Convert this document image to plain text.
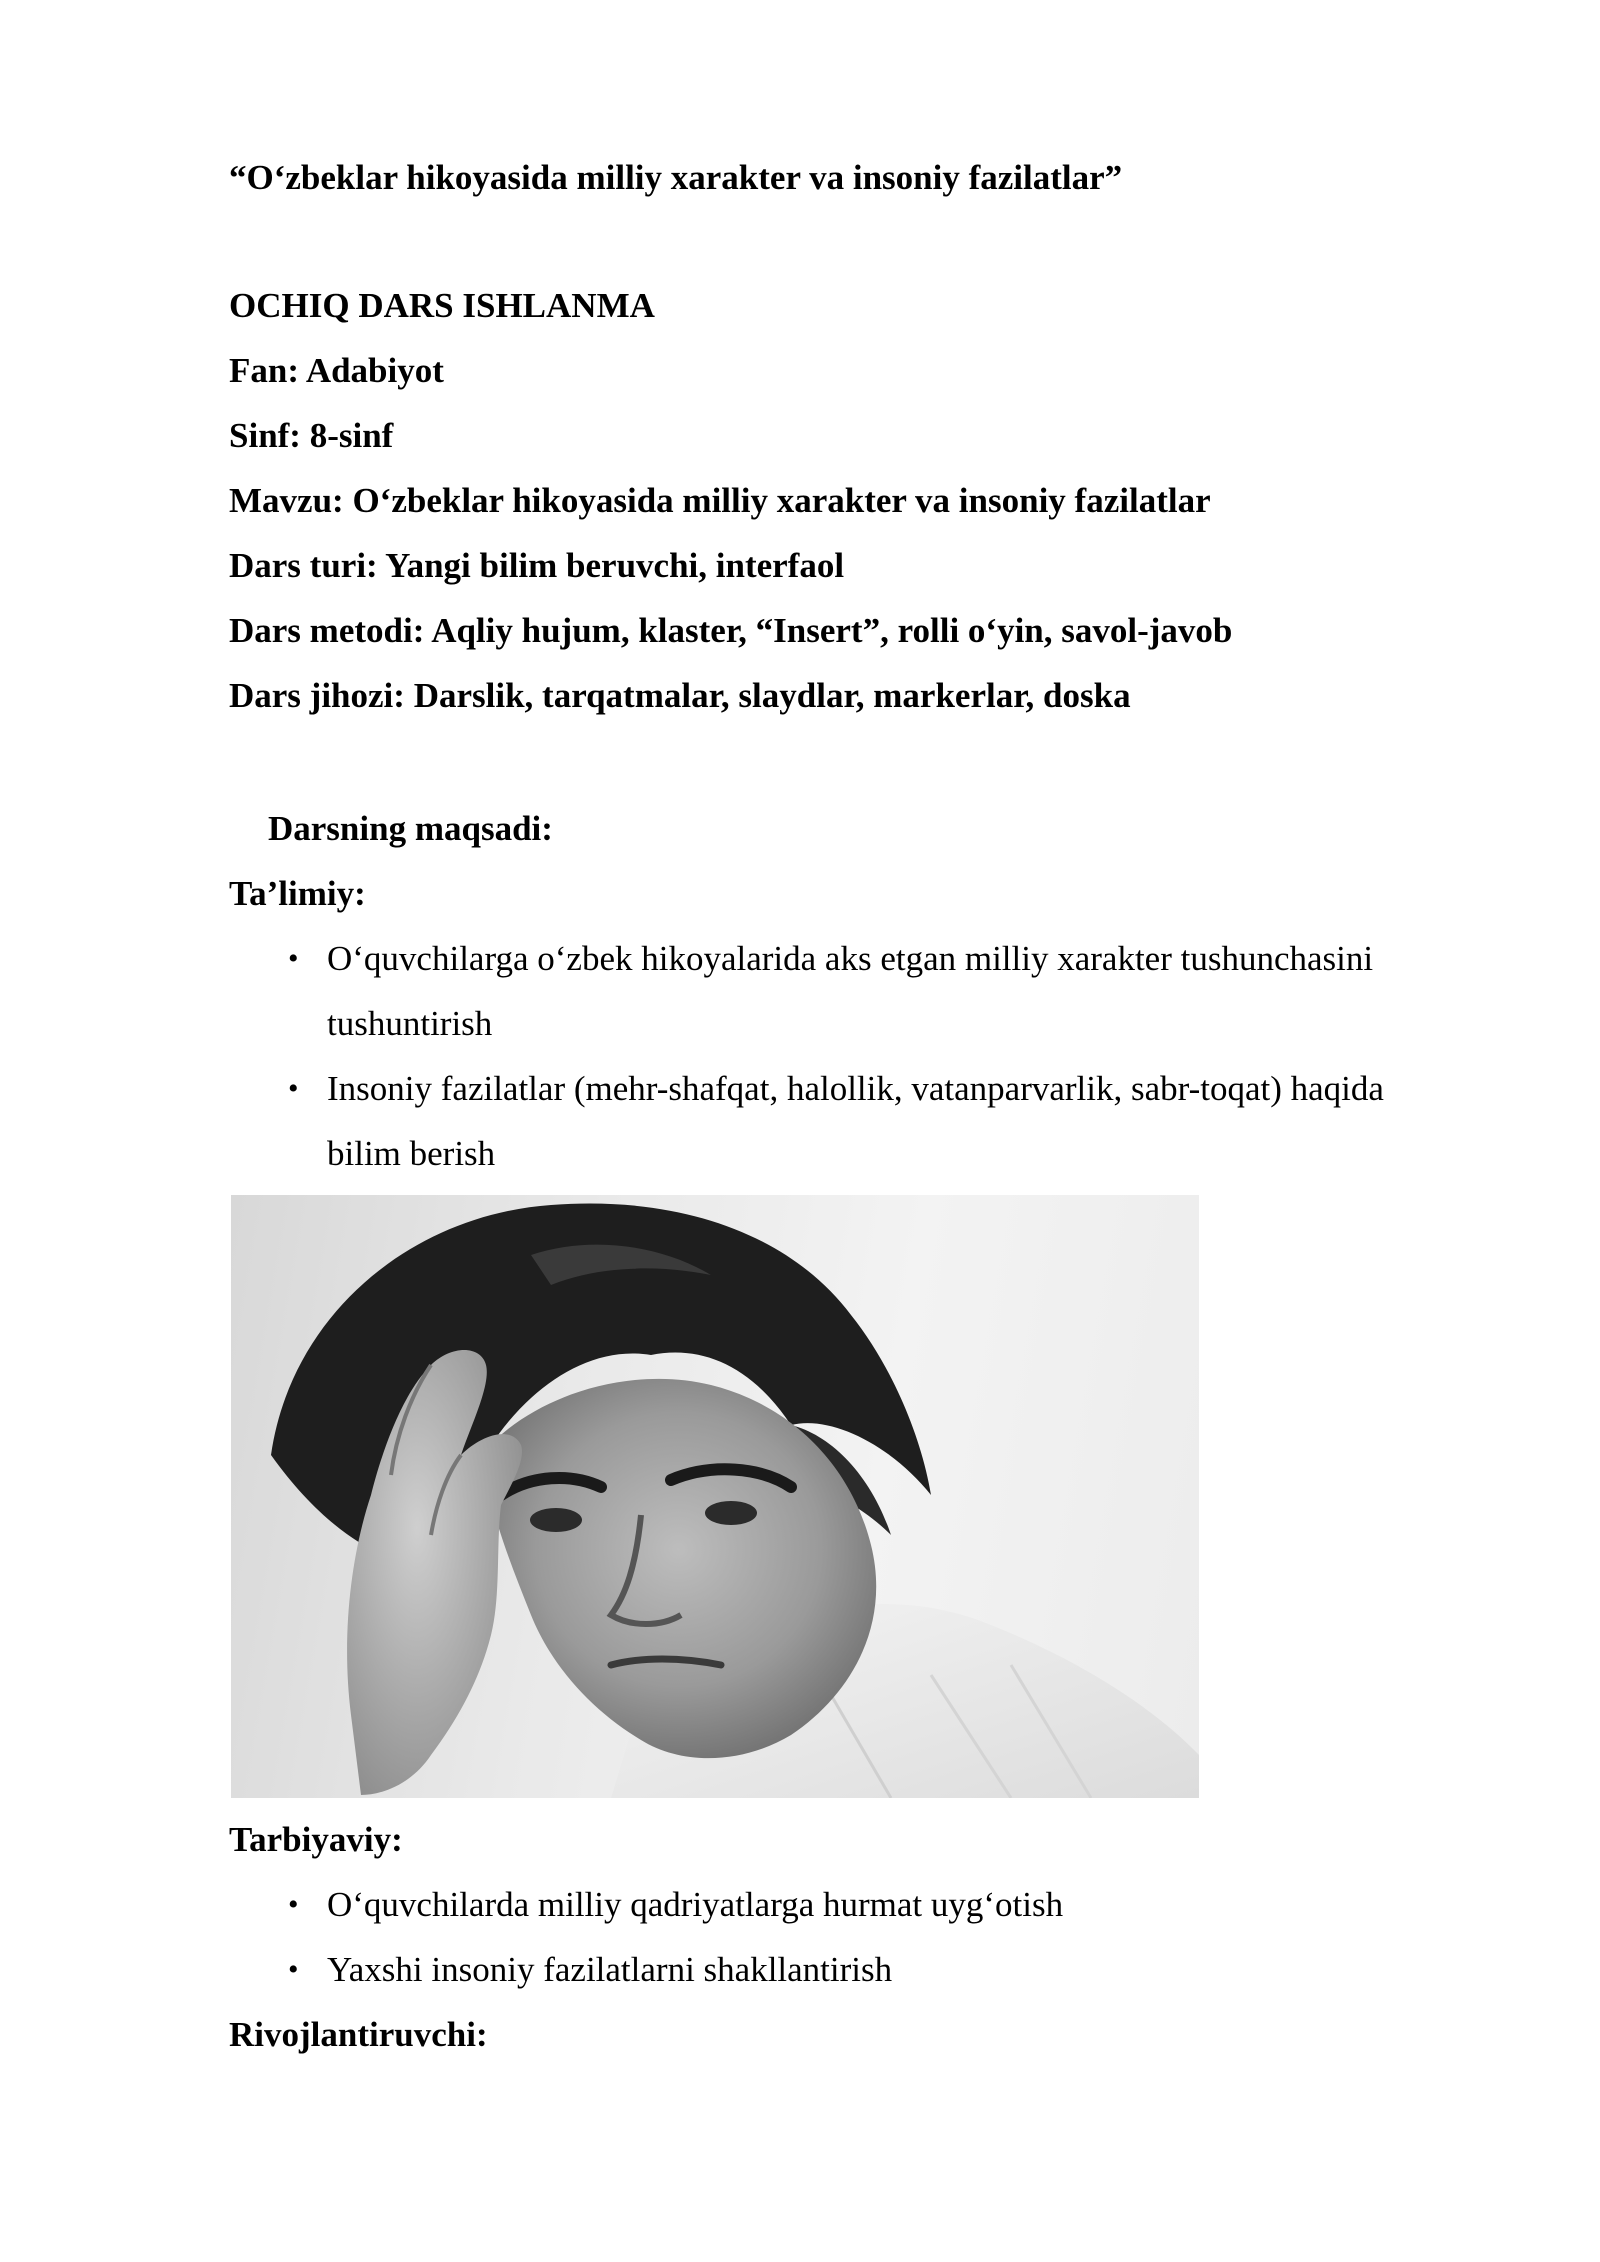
“O‘zbeklar hikoyasida milliy xarakter va insoniy fazilatlar”
OCHIQ DARS ISHLANMA
Fan: Adabiyot
Sinf: 8-sinf
Mavzu: O‘zbeklar hikoyasida milliy xarakter va insoniy fazilatlar
Dars turi: Yangi bilim beruvchi, interfaol
Dars metodi: Aqliy hujum, klaster, “Insert”, rolli o‘yin, savol-javob
Dars jihozi: Darslik, tarqatmalar, slaydlar, markerlar, doska
Darsning maqsadi:
Ta’limiy:
• O‘quvchilarga o‘zbek hikoyalarida aks etgan milliy xarakter tushunchasini
tushuntirish
• Insoniy fazilatlar (mehr-shafqat, halollik, vatanparvarlik, sabr-toqat) haqida
bilim berish
Tarbiyaviy:
• O‘quvchilarda milliy qadriyatlarga hurmat uyg‘otish
• Yaxshi insoniy fazilatlarni shakllantirish
Rivojlantiruvchi:
